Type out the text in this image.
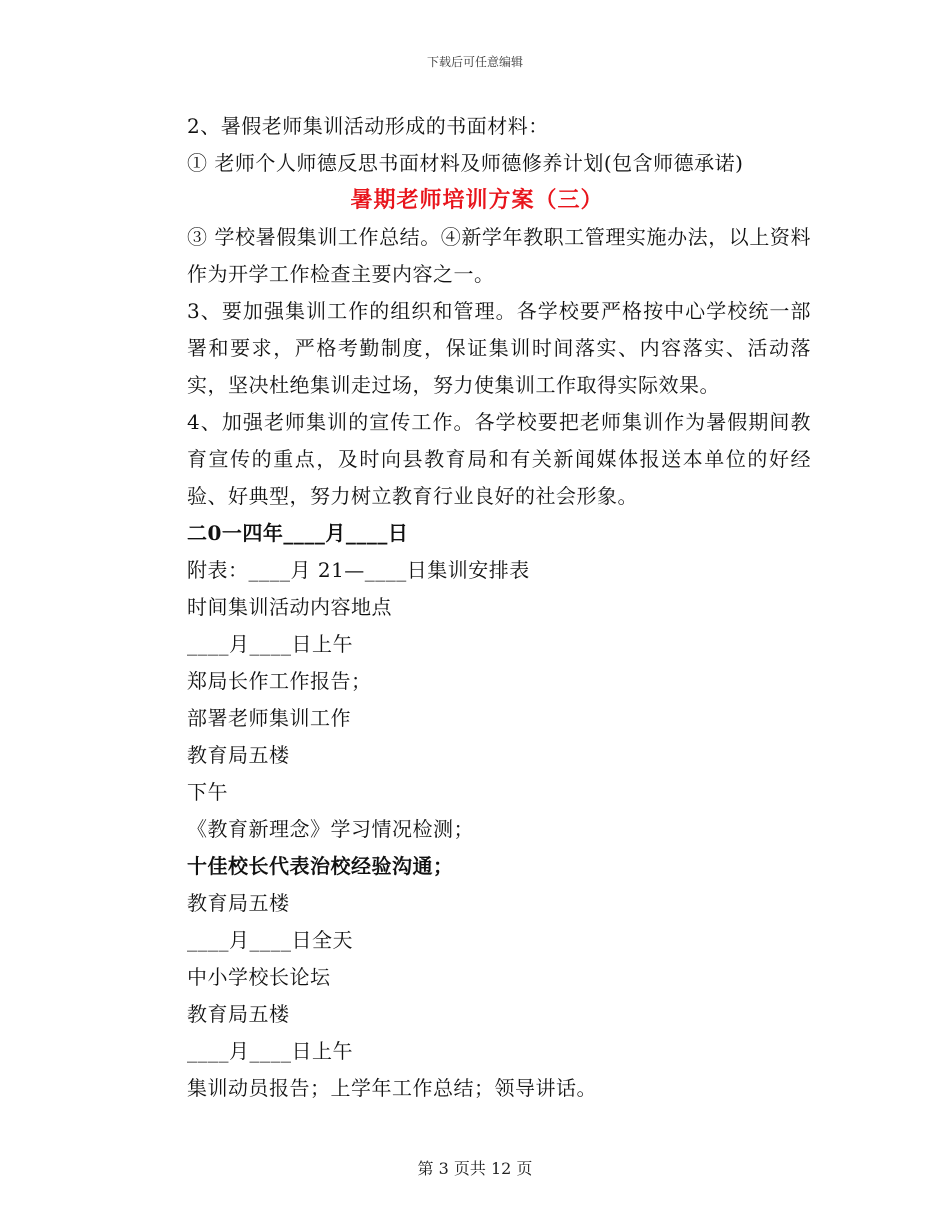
下载后可任意编辑

2、暑假老师集训活动形成的书面材料：

① 老师个人师德反思书面材料及师德修养计划(包含师德承诺)

暑期老师培训方案（三）

③ 学校暑假集训工作总结。④新学年教职工管理实施办法，以上资料作为开学工作检查主要内容之一。

3、要加强集训工作的组织和管理。各学校要严格按中心学校统一部署和要求，严格考勤制度，保证集训时间落实、内容落实、活动落实，坚决杜绝集训走过场，努力使集训工作取得实际效果。

4、加强老师集训的宣传工作。各学校要把老师集训作为暑假期间教育宣传的重点，及时向县教育局和有关新闻媒体报送本单位的好经验、好典型，努力树立教育行业良好的社会形象。

二0一四年____月____日

附表：____月 21—____日集训安排表

时间集训活动内容地点

____月____日上午

郑局长作工作报告；

部署老师集训工作

教育局五楼

下午

《教育新理念》学习情况检测；

十佳校长代表治校经验沟通；

教育局五楼

____月____日全天

中小学校长论坛

教育局五楼

____月____日上午

集训动员报告；上学年工作总结；领导讲话。

第 3 页共 12 页
